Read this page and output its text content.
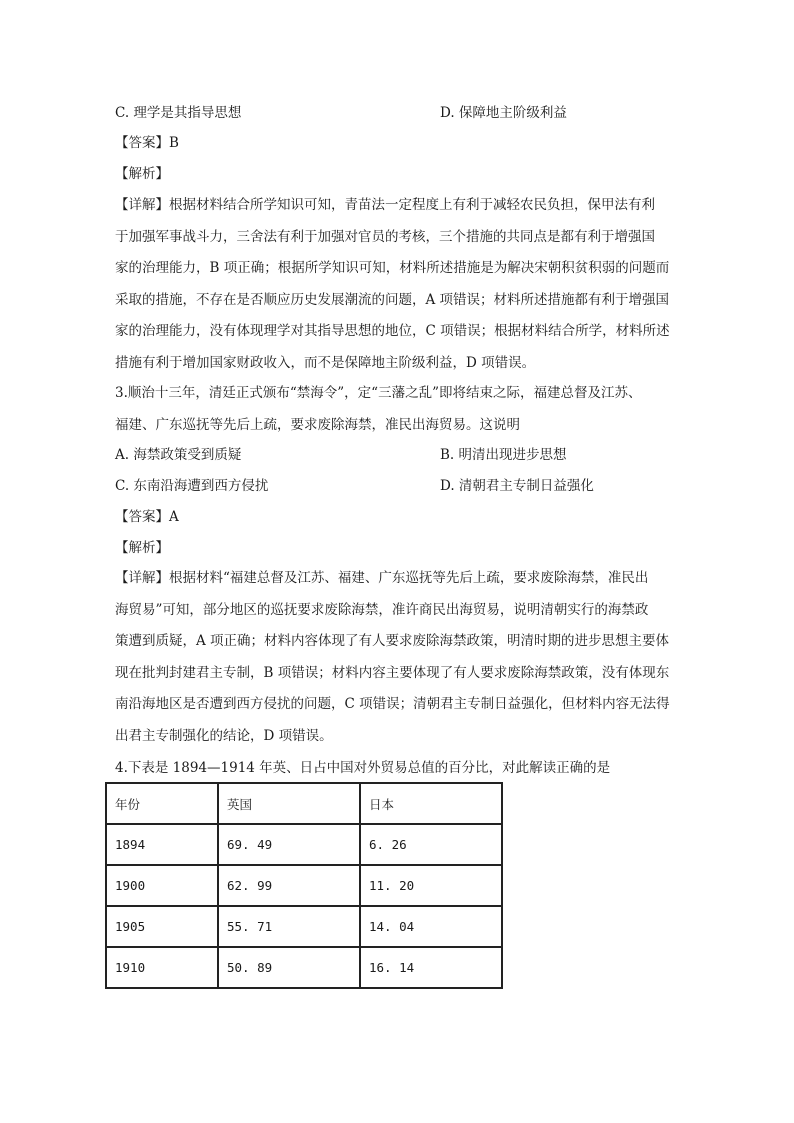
C. 理学是其指导思想	D. 保障地主阶级利益
【答案】B
【解析】
【详解】根据材料结合所学知识可知，青苗法一定程度上有利于减轻农民负担，保甲法有利
于加强军事战斗力，三舍法有利于加强对官员的考核，三个措施的共同点是都有利于增强国
家的治理能力，B 项正确；根据所学知识可知，材料所述措施是为解决宋朝积贫积弱的问题而
采取的措施，不存在是否顺应历史发展潮流的问题，A 项错误；材料所述措施都有利于增强国
家的治理能力，没有体现理学对其指导思想的地位，C 项错误；根据材料结合所学，材料所述
措施有利于增加国家财政收入，而不是保障地主阶级利益，D 项错误。
3.顺治十三年，清廷正式颁布“禁海令”，定“三藩之乱”即将结束之际，福建总督及江苏、
福建、广东巡抚等先后上疏，要求废除海禁，准民出海贸易。这说明
A. 海禁政策受到质疑	B. 明清出现进步思想
C. 东南沿海遭到西方侵扰	D. 清朝君主专制日益强化
【答案】A
【解析】
【详解】根据材料“福建总督及江苏、福建、广东巡抚等先后上疏，要求废除海禁，准民出
海贸易”可知，部分地区的巡抚要求废除海禁，准许商民出海贸易，说明清朝实行的海禁政
策遭到质疑，A 项正确；材料内容体现了有人要求废除海禁政策，明清时期的进步思想主要体
现在批判封建君主专制，B 项错误；材料内容主要体现了有人要求废除海禁政策，没有体现东
南沿海地区是否遭到西方侵扰的问题，C 项错误；清朝君主专制日益强化，但材料内容无法得
出君主专制强化的结论，D 项错误。
4.下表是 1894—1914 年英、日占中国对外贸易总值的百分比，对此解读正确的是
年份	英国	日本
1894	69. 49	6. 26
1900	62. 99	11. 20
1905	55. 71	14. 04
1910	50. 89	16. 14
